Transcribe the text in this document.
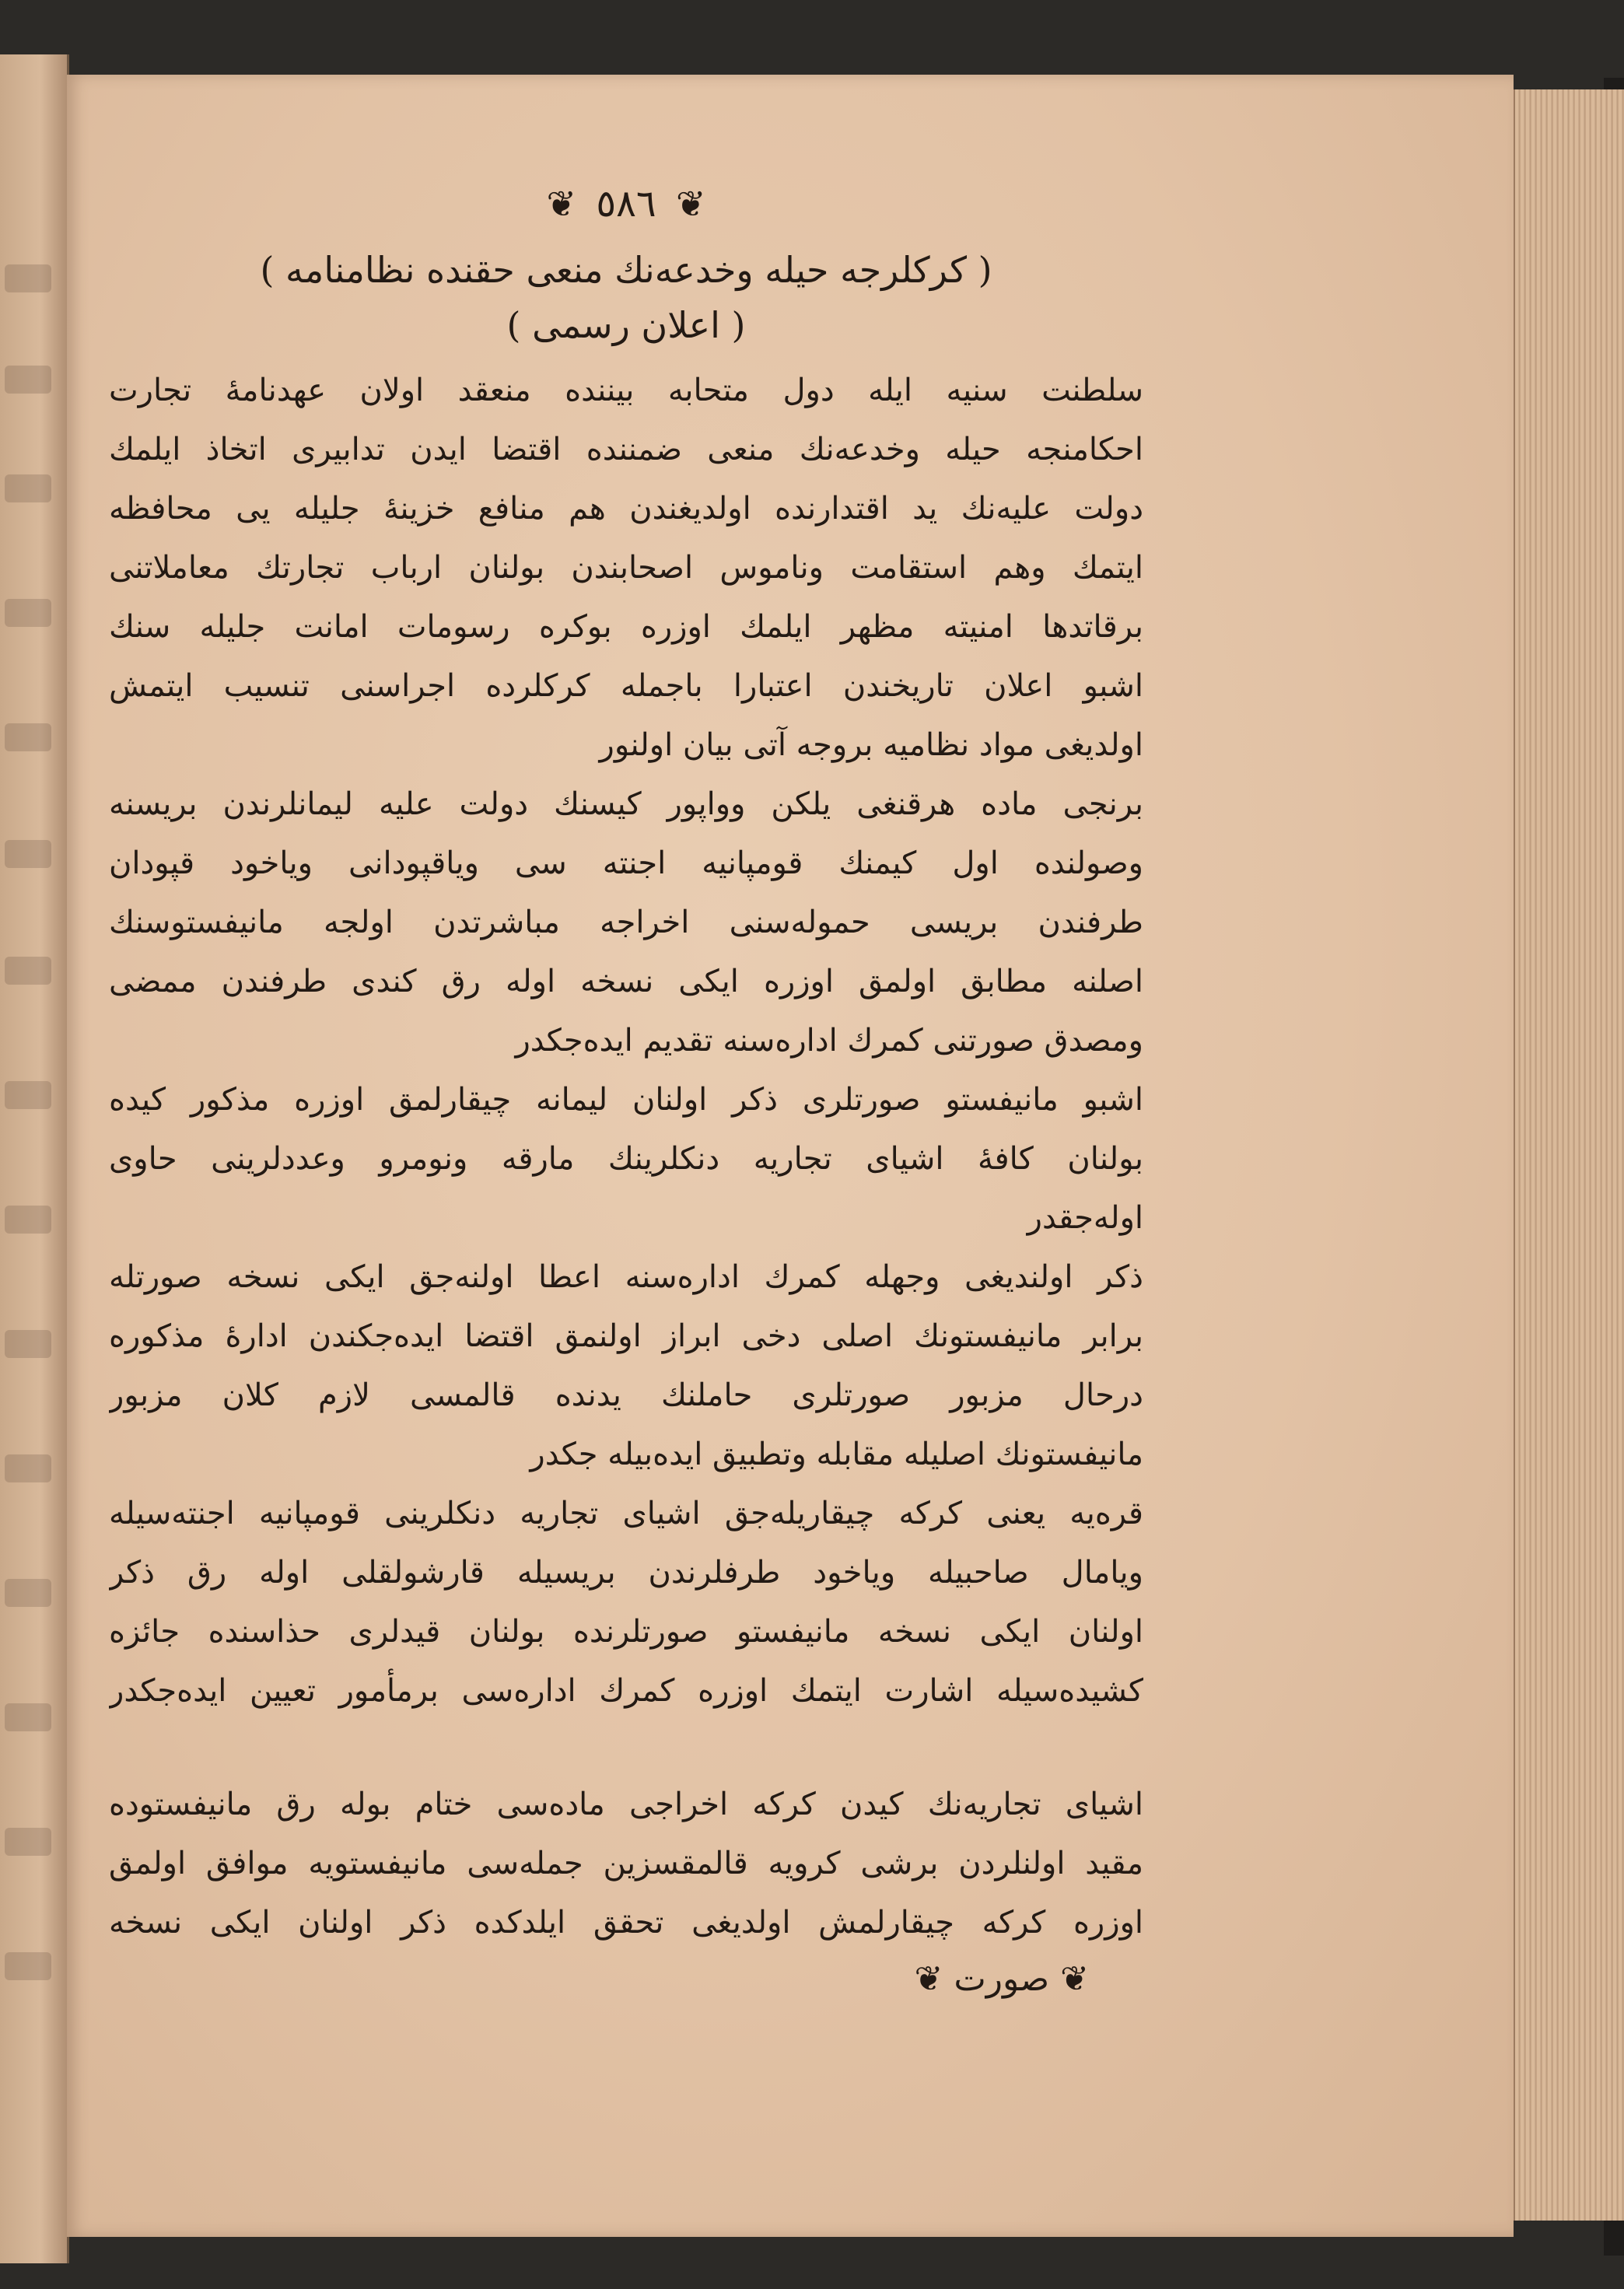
❦ ٥٨٦ ❦
( كركلرجه حيله وخدعه‌نك منعى حقنده نظامنامه )
( اعلان رسمى )
سلطنت سنيه ايله دول متحابه بيننده منعقد اولان عهدنامهٔ تجارت
احكامنجه حيله وخدعه‌نك منعى ضمننده اقتضا ايدن تدابيرى اتخاذ ايلمك
دولت عليه‌نك يد اقتدارنده اولديغندن هم منافع خزينهٔ جليله يى محافظه
ايتمك وهم استقامت وناموس اصحابندن بولنان ارباب تجارتك معاملاتنى
برقاتدها امنيته مظهر ايلمك اوزره بوكره رسومات امانت جليله سنك
اشبو اعلان تاريخندن اعتبارا باجمله كركلرده اجراسنى تنسيب ايتمش
اولديغى مواد نظاميه بروجه آتى بيان اولنور
برنجى ماده هرقنغى يلكن وواپور كيسنك دولت عليه ليمانلرندن بريسنه
وصولنده اول كيمنك قومپانيه اجنته سى وياقپودانى وياخود قپودان
طرفندن بريسى حموله‌سنى اخراجه مباشرتدن اولجه مانيفستوسنك
اصلنه مطابق اولمق اوزره ايكى نسخه اوله رق كندى طرفندن ممضى
ومصدق صورتنى كمرك اداره‌سنه تقديم ايده‌جكدر
اشبو مانيفستو صورتلرى ذكر اولنان ليمانه چيقارلمق اوزره مذكور كيده
بولنان كافهٔ اشياى تجاريه دنكلرينك مارقه ونومرو وعددلرينى حاوى
اوله‌جقدر
ذكر اولنديغى وجهله كمرك اداره‌سنه اعطا اولنه‌جق ايكى نسخه صورتله
برابر مانيفستونك اصلى دخى ابراز اولنمق اقتضا ايده‌جكندن ادارهٔ مذكوره
درحال مزبور صورتلرى حاملنك يدنده قالمسى لازم كلان مزبور
مانيفستونك اصليله مقابله وتطبيق ايده‌بيله جكدر
قره‌يه يعنى كركه چيقاريله‌جق اشياى تجاريه دنكلرينى قومپانيه اجنته‌سيله
ويامال صاحبيله وياخود طرفلرندن بريسيله قارشولقلى اوله رق ذكر
اولنان ايكى نسخه مانيفستو صورتلرنده بولنان قيدلرى حذاسنده جائزه
كشيده‌سيله اشارت ايتمك اوزره كمرك اداره‌سى برمأمور تعيين ايده‌جكدر
اشياى تجاريه‌نك كيدن كركه اخراجى ماده‌سى ختام بوله رق مانيفستوده
مقيد اولنلردن برشى كرويه قالمقسزين جمله‌سى مانيفستويه موافق اولمق
اوزره كركه چيقارلمش اولديغى تحقق ايلدكده ذكر اولنان ايكى نسخه
❦ صورت ❦
